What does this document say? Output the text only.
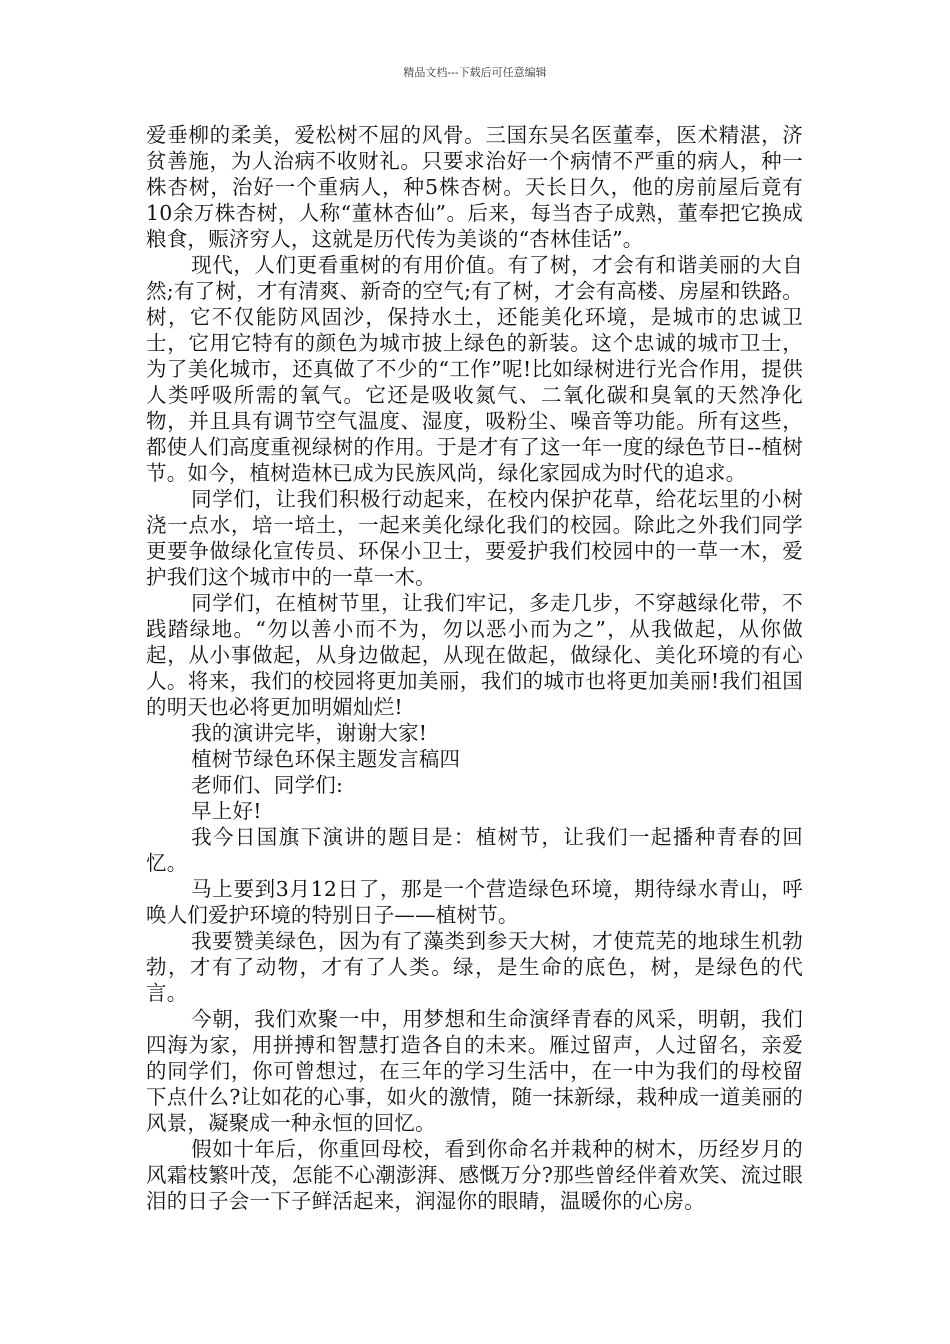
精品文档---下载后可任意编辑

爱垂柳的柔美，爱松树不屈的风骨。三国东吴名医董奉，医术精湛，济贫善施，为人治病不收财礼。只要求治好一个病情不严重的病人，种一株杏树，治好一个重病人，种5株杏树。天长日久，他的房前屋后竟有10余万株杏树，人称“董林杏仙”。后来，每当杏子成熟，董奉把它换成粮食，赈济穷人，这就是历代传为美谈的“杏林佳话”。

现代，人们更看重树的有用价值。有了树，才会有和谐美丽的大自然;有了树，才有清爽、新奇的空气;有了树，才会有高楼、房屋和铁路。树，它不仅能防风固沙，保持水土，还能美化环境，是城市的忠诚卫士，它用它特有的颜色为城市披上绿色的新装。这个忠诚的城市卫士，为了美化城市，还真做了不少的“工作”呢!比如绿树进行光合作用，提供人类呼吸所需的氧气。它还是吸收氮气、二氧化碳和臭氧的天然净化物，并且具有调节空气温度、湿度，吸粉尘、噪音等功能。所有这些，都使人们高度重视绿树的作用。于是才有了这一年一度的绿色节日--植树节。如今，植树造林已成为民族风尚，绿化家园成为时代的追求。

同学们，让我们积极行动起来，在校内保护花草，给花坛里的小树浇一点水，培一培土，一起来美化绿化我们的校园。除此之外我们同学更要争做绿化宣传员、环保小卫士，要爱护我们校园中的一草一木，爱护我们这个城市中的一草一木。

同学们，在植树节里，让我们牢记，多走几步，不穿越绿化带，不践踏绿地。“勿以善小而不为，勿以恶小而为之”，从我做起，从你做起，从小事做起，从身边做起，从现在做起，做绿化、美化环境的有心人。将来，我们的校园将更加美丽，我们的城市也将更加美丽!我们祖国的明天也必将更加明媚灿烂!

我的演讲完毕，谢谢大家!

植树节绿色环保主题发言稿四

老师们、同学们:

早上好!

我今日国旗下演讲的题目是：植树节，让我们一起播种青春的回忆。

马上要到3月12日了，那是一个营造绿色环境，期待绿水青山，呼唤人们爱护环境的特别日子——植树节。

我要赞美绿色，因为有了藻类到参天大树，才使荒芜的地球生机勃勃，才有了动物，才有了人类。绿，是生命的底色，树，是绿色的代言。

今朝，我们欢聚一中，用梦想和生命演绎青春的风采，明朝，我们四海为家，用拼搏和智慧打造各自的未来。雁过留声，人过留名，亲爱的同学们，你可曾想过，在三年的学习生活中，在一中为我们的母校留下点什么?让如花的心事，如火的激情，随一抹新绿，栽种成一道美丽的风景，凝聚成一种永恒的回忆。

假如十年后，你重回母校，看到你命名并栽种的树木，历经岁月的风霜枝繁叶茂，怎能不心潮澎湃、感慨万分?那些曾经伴着欢笑、流过眼泪的日子会一下子鲜活起来，润湿你的眼睛，温暖你的心房。
